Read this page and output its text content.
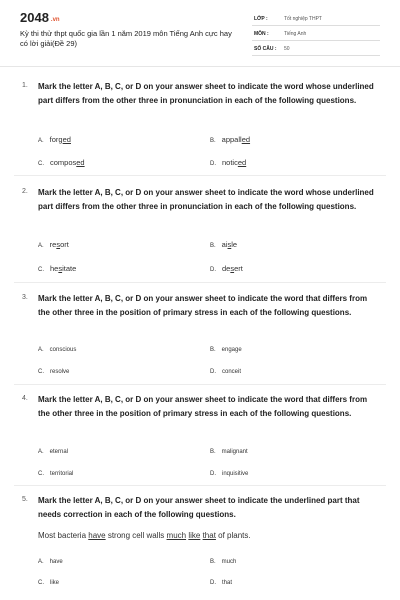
2048 .vn
Kỳ thi thử thpt quốc gia lần 1 năm 2019 môn Tiếng Anh cực hay có lời giải(Đề 29)
LỚP :	Tốt nghiệp THPT
MÔN :	Tiếng Anh
SỐ CÂU : 50
1. Mark the letter A, B, C, or D on your answer sheet to indicate the word whose underlined part differs from the other three in pronunciation in each of the following questions.
A. forged	B. appalled
C. composed	D. noticed
2. Mark the letter A, B, C, or D on your answer sheet to indicate the word whose underlined part differs from the other three in pronunciation in each of the following questions.
A. resort	B. aisle
C. hesitate	D. desert
3. Mark the letter A, B, C, or D on your answer sheet to indicate the word that differs from the other three in the position of primary stress in each of the following questions.
A. conscious	B. engage
C. resolve	D. conceit
4. Mark the letter A, B, C, or D on your answer sheet to indicate the word that differs from the other three in the position of primary stress in each of the following questions.
A. eternal	B. malignant
C. territorial	D. inquisitive
5. Mark the letter A, B, C, or D on your answer sheet to indicate the underlined part that needs correction in each of the following questions.
Most bacteria have strong cell walls much like that of plants.
A. have	B. much
C. like	D. that
